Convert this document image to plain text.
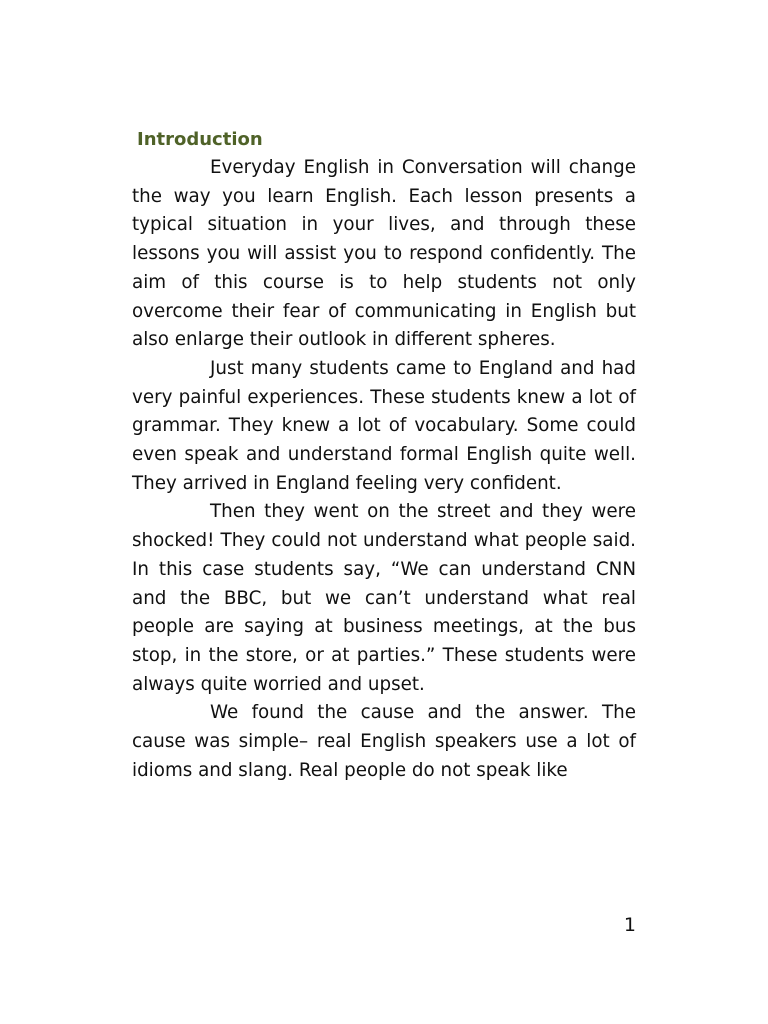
Introduction

Everyday English in Conversation will change the way you learn English. Each lesson presents a typical situation in your lives, and through these lessons you will assist you to respond confidently. The aim of this course is to help students not only overcome their fear of communicating in English but also enlarge their outlook in different spheres.

Just many students came to England and had very painful experiences. These students knew a lot of grammar. They knew a lot of vocabulary. Some could even speak and understand formal English quite well. They arrived in England feeling very confident.

Then they went on the street and they were shocked! They could not understand what people said. In this case students say, “We can understand CNN and the BBC, but we can’t understand what real people are saying at business meetings, at the bus stop, in the store, or at parties.” These students were always quite worried and upset.

We found the cause and the answer. The cause was simple– real English speakers use a lot of idioms and slang. Real people do not speak like

1
